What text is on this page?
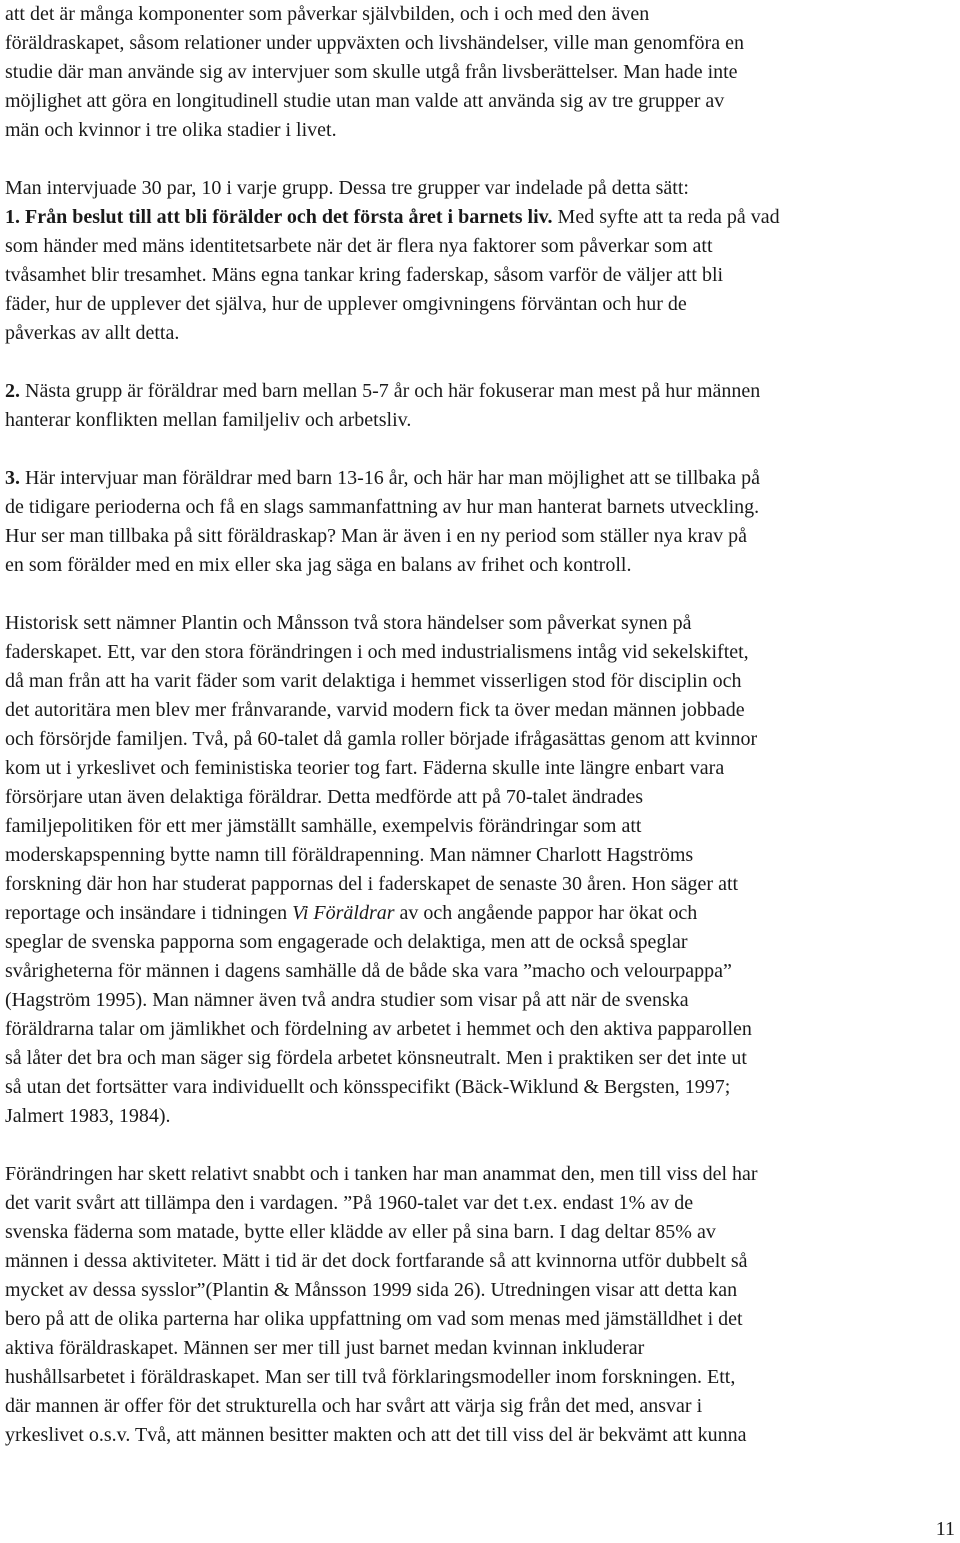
att det är många komponenter som påverkar självbilden, och i och med den även
föräldraskapet, såsom relationer under uppväxten och livshändelser, ville man genomföra en
studie där man använde sig av intervjuer som skulle utgå från livsberättelser. Man hade inte
möjlighet att göra en longitudinell studie utan man valde att använda sig av tre grupper av
män och kvinnor i tre olika stadier i livet.

Man intervjuade 30 par, 10 i varje grupp. Dessa tre grupper var indelade på detta sätt:
1. Från beslut till att bli förälder och det första året i barnets liv. Med syfte att ta reda på vad
som händer med mäns identitetsarbete när det är flera nya faktorer som påverkar som att
tvåsamhet blir tresamhet. Mäns egna tankar kring faderskap, såsom varför de väljer att bli
fäder, hur de upplever det själva, hur de upplever omgivningens förväntan och hur de
påverkas av allt detta.

2. Nästa grupp är föräldrar med barn mellan 5-7 år och här fokuserar man mest på hur männen
hanterar konflikten mellan familjeliv och arbetsliv.

3. Här intervjuar man föräldrar med barn 13-16 år, och här har man möjlighet att se tillbaka på
de tidigare perioderna och få en slags sammanfattning av hur man hanterat barnets utveckling.
Hur ser man tillbaka på sitt föräldraskap? Man är även i en ny period som ställer nya krav på
en som förälder med en mix eller ska jag säga en balans av frihet och kontroll.

Historisk sett nämner Plantin och Månsson två stora händelser som påverkat synen på
faderskapet. Ett, var den stora förändringen i och med industrialismens intåg vid sekelskiftet,
då man från att ha varit fäder som varit delaktiga i hemmet visserligen stod för disciplin och
det autoritära men blev mer frånvarande, varvid modern fick ta över medan männen jobbade
och försörjde familjen. Två, på 60-talet då gamla roller började ifrågasättas genom att kvinnor
kom ut i yrkeslivet och feministiska teorier tog fart. Fäderna skulle inte längre enbart vara
försörjare utan även delaktiga föräldrar. Detta medförde att på 70-talet ändrades
familjepolitiken för ett mer jämställt samhälle, exempelvis förändringar som att
moderskapspenning bytte namn till föräldrapenning. Man nämner Charlott Hagströms
forskning där hon har studerat pappornas del i faderskapet de senaste 30 åren. Hon säger att
reportage och insändare i tidningen Vi Föräldrar av och angående pappor har ökat och
speglar de svenska papporna som engagerade och delaktiga, men att de också speglar
svårigheterna för männen i dagens samhälle då de både ska vara ”macho och velourpappa”
(Hagström 1995). Man nämner även två andra studier som visar på att när de svenska
föräldrarna talar om jämlikhet och fördelning av arbetet i hemmet och den aktiva papparollen
så låter det bra och man säger sig fördela arbetet könsneutralt. Men i praktiken ser det inte ut
så utan det fortsätter vara individuellt och könsspecifikt (Bäck-Wiklund & Bergsten, 1997;
Jalmert 1983, 1984).

Förändringen har skett relativt snabbt och i tanken har man anammat den, men till viss del har
det varit svårt att tillämpa den i vardagen. ”På 1960-talet var det t.ex. endast 1% av de
svenska fäderna som matade, bytte eller klädde av eller på sina barn. I dag deltar 85% av
männen i dessa aktiviteter. Mätt i tid är det dock fortfarande så att kvinnorna utför dubbelt så
mycket av dessa sysslor”(Plantin & Månsson 1999 sida 26). Utredningen visar att detta kan
bero på att de olika parterna har olika uppfattning om vad som menas med jämställdhet i det
aktiva föräldraskapet. Männen ser mer till just barnet medan kvinnan inkluderar
hushållsarbetet i föräldraskapet. Man ser till två förklaringsmodeller inom forskningen. Ett,
där mannen är offer för det strukturella och har svårt att värja sig från det med, ansvar i
yrkeslivet o.s.v. Två, att männen besitter makten och att det till viss del är bekvämt att kunna

11
